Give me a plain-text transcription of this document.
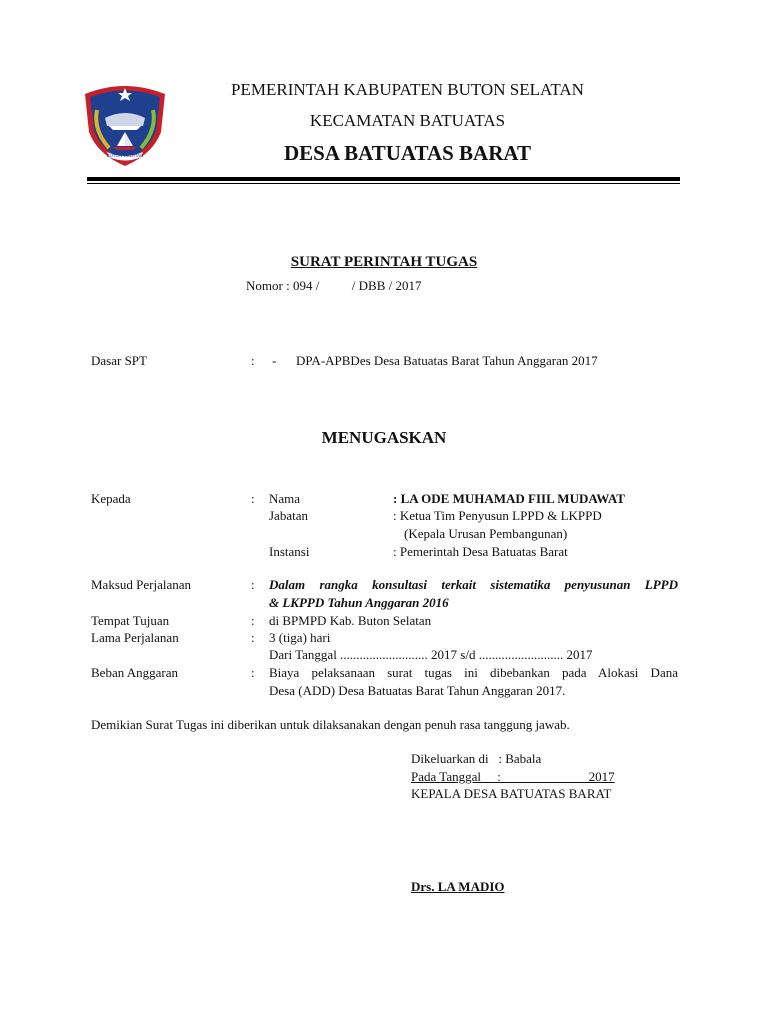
BUTON SELATAN
PEMERINTAH KABUPATEN BUTON SELATAN
KECAMATAN BATUATAS
DESA BATUATAS BARAT
SURAT PERINTAH TUGAS
Nomor : 094 /          / DBB / 2017
Dasar SPT	: - DPA-APBDes Desa Batuatas Barat Tahun Anggaran 2017
MENUGASKAN
Kepada	: Nama	: LA ODE MUHAMAD FIIL MUDAWAT
Jabatan	: Ketua Tim Penyusun LPPD & LKPPD
(Kepala Urusan Pembangunan)
Instansi	: Pemerintah Desa Batuatas Barat
Maksud Perjalanan	: Dalam rangka konsultasi terkait sistematika penyusunan LPPD
& LKPPD Tahun Anggaran 2016
Tempat Tujuan	: di BPMPD Kab. Buton Selatan
Lama Perjalanan	: 3 (tiga) hari
Dari Tanggal ........................... 2017 s/d .......................... 2017
Beban Anggaran	: Biaya pelaksanaan surat tugas ini dibebankan pada Alokasi Dana
Desa (ADD) Desa Batuatas Barat Tahun Anggaran 2017.
Demikian Surat Tugas ini diberikan untuk dilaksanakan dengan penuh rasa tanggung jawab.
Dikeluarkan di   : Babala
Pada Tanggal     :                           2017
KEPALA DESA BATUATAS BARAT
Drs. LA MADIO
